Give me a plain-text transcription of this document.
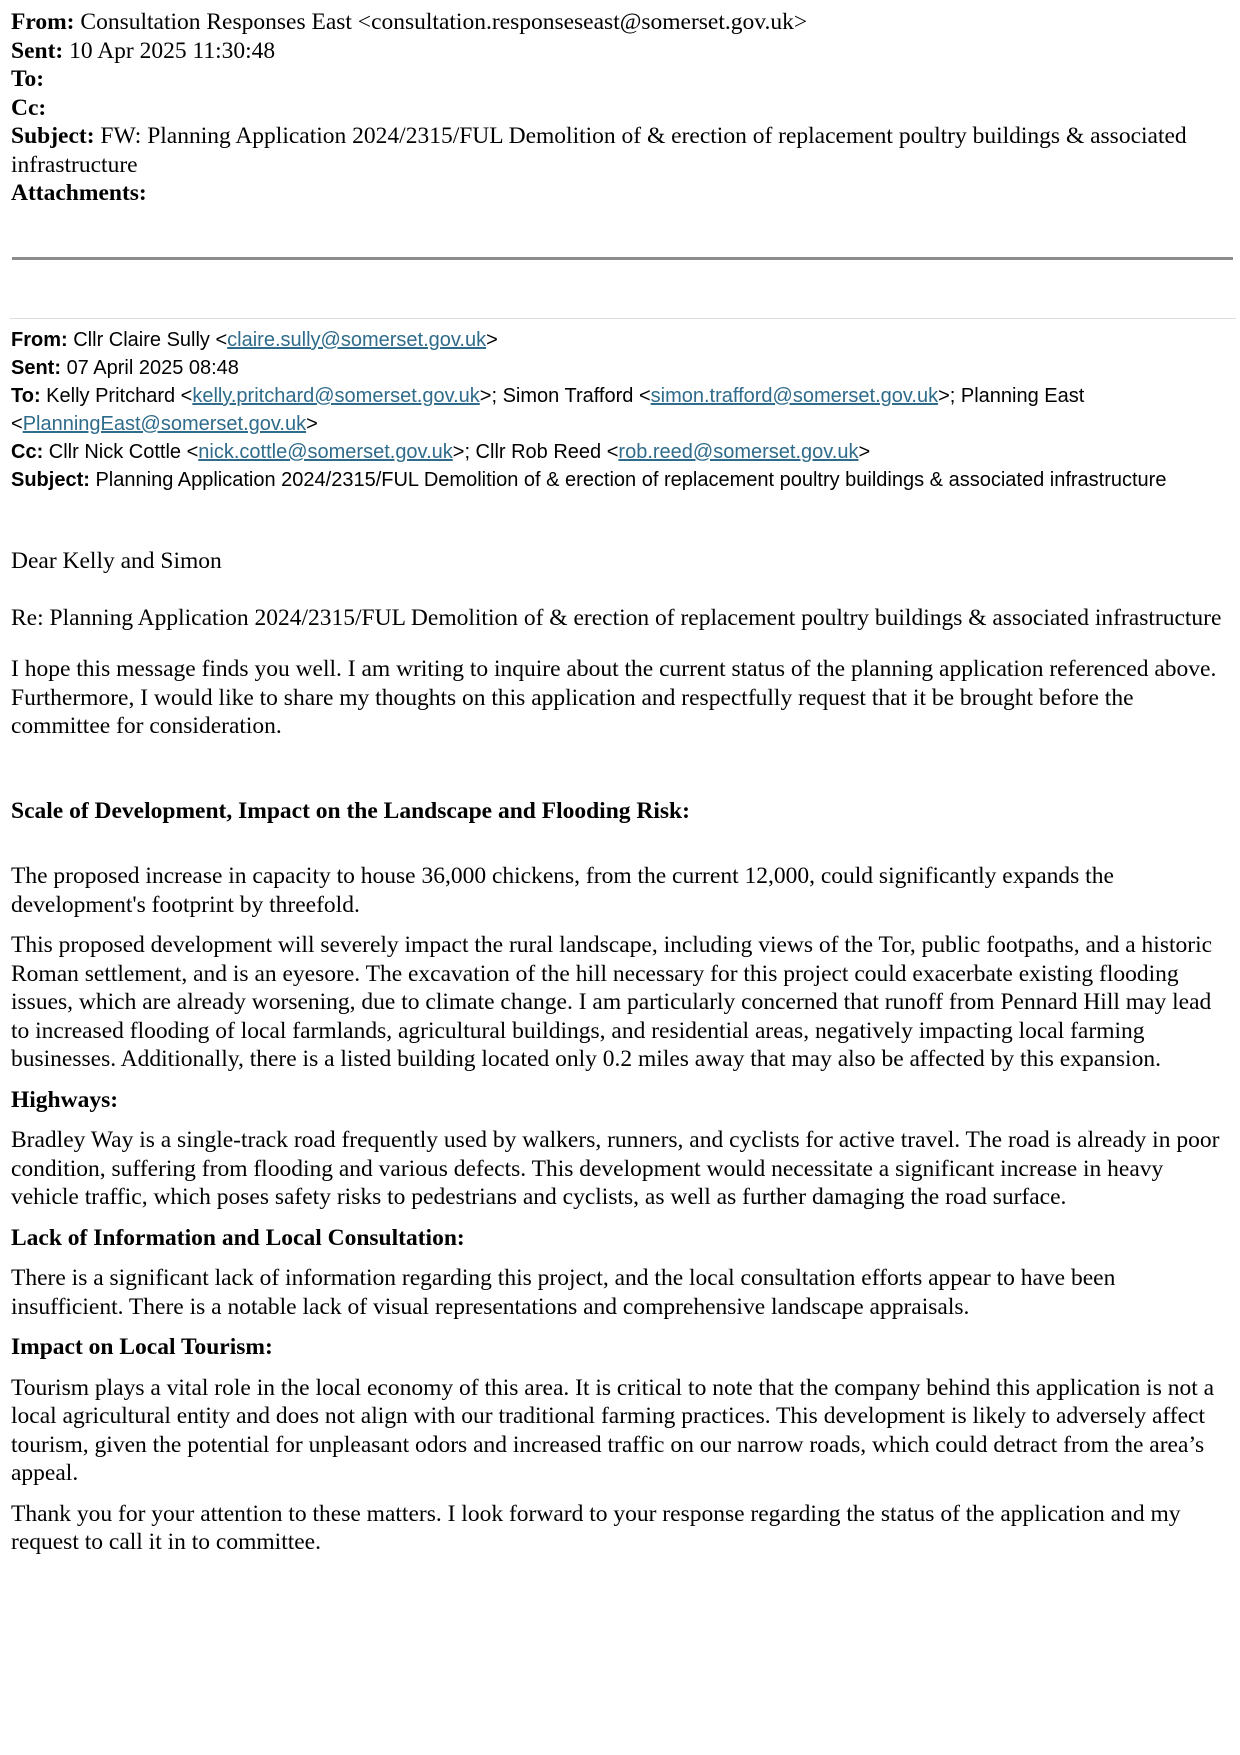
From: Consultation Responses East <consultation.responseseast@somerset.gov.uk>
Sent: 10 Apr 2025 11:30:48
To:
Cc:
Subject: FW: Planning Application 2024/2315/FUL Demolition of & erection of replacement poultry buildings & associated infrastructure
Attachments:
From: Cllr Claire Sully <claire.sully@somerset.gov.uk>
Sent: 07 April 2025 08:48
To: Kelly Pritchard <kelly.pritchard@somerset.gov.uk>; Simon Trafford <simon.trafford@somerset.gov.uk>; Planning East <PlanningEast@somerset.gov.uk>
Cc: Cllr Nick Cottle <nick.cottle@somerset.gov.uk>; Cllr Rob Reed <rob.reed@somerset.gov.uk>
Subject: Planning Application 2024/2315/FUL Demolition of & erection of replacement poultry buildings & associated infrastructure

Dear Kelly and Simon

Re: Planning Application 2024/2315/FUL Demolition of & erection of replacement poultry buildings & associated infrastructure

I hope this message finds you well. I am writing to inquire about the current status of the planning application referenced above. Furthermore, I would like to share my thoughts on this application and respectfully request that it be brought before the committee for consideration.

Scale of Development, Impact on the Landscape and Flooding Risk:

The proposed increase in capacity to house 36,000 chickens, from the current 12,000, could significantly expands the development's footprint by threefold.

This proposed development will severely impact the rural landscape, including views of the Tor, public footpaths, and a historic Roman settlement, and is an eyesore. The excavation of the hill necessary for this project could exacerbate existing flooding issues, which are already worsening, due to climate change. I am particularly concerned that runoff from Pennard Hill may lead to increased flooding of local farmlands, agricultural buildings, and residential areas, negatively impacting local farming businesses. Additionally, there is a listed building located only 0.2 miles away that may also be affected by this expansion.

Highways:

Bradley Way is a single-track road frequently used by walkers, runners, and cyclists for active travel. The road is already in poor condition, suffering from flooding and various defects. This development would necessitate a significant increase in heavy vehicle traffic, which poses safety risks to pedestrians and cyclists, as well as further damaging the road surface.

Lack of Information and Local Consultation:

There is a significant lack of information regarding this project, and the local consultation efforts appear to have been insufficient. There is a notable lack of visual representations and comprehensive landscape appraisals.

Impact on Local Tourism:

Tourism plays a vital role in the local economy of this area. It is critical to note that the company behind this application is not a local agricultural entity and does not align with our traditional farming practices. This development is likely to adversely affect tourism, given the potential for unpleasant odors and increased traffic on our narrow roads, which could detract from the area’s appeal.

Thank you for your attention to these matters. I look forward to your response regarding the status of the application and my request to call it in to committee.
